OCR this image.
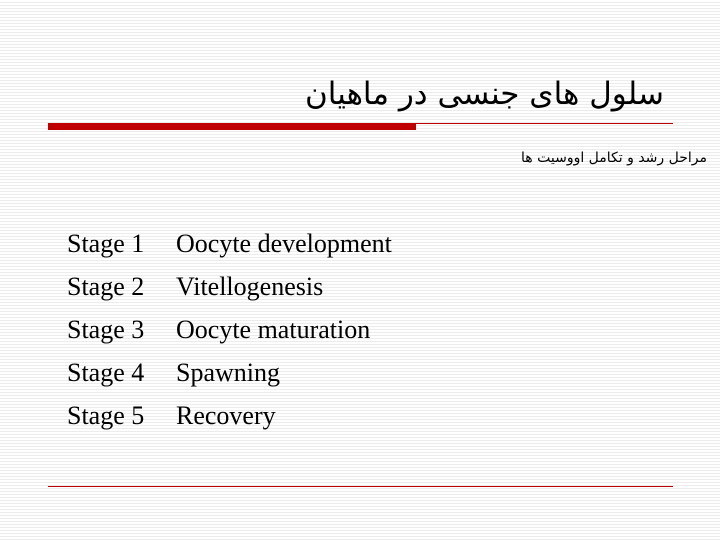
سلول های جنسی در ماهیان

مراحل رشد و تکامل اووسیت ها

Stage 1	Oocyte development
Stage 2	Vitellogenesis
Stage 3	Oocyte maturation
Stage 4	Spawning
Stage 5	Recovery
